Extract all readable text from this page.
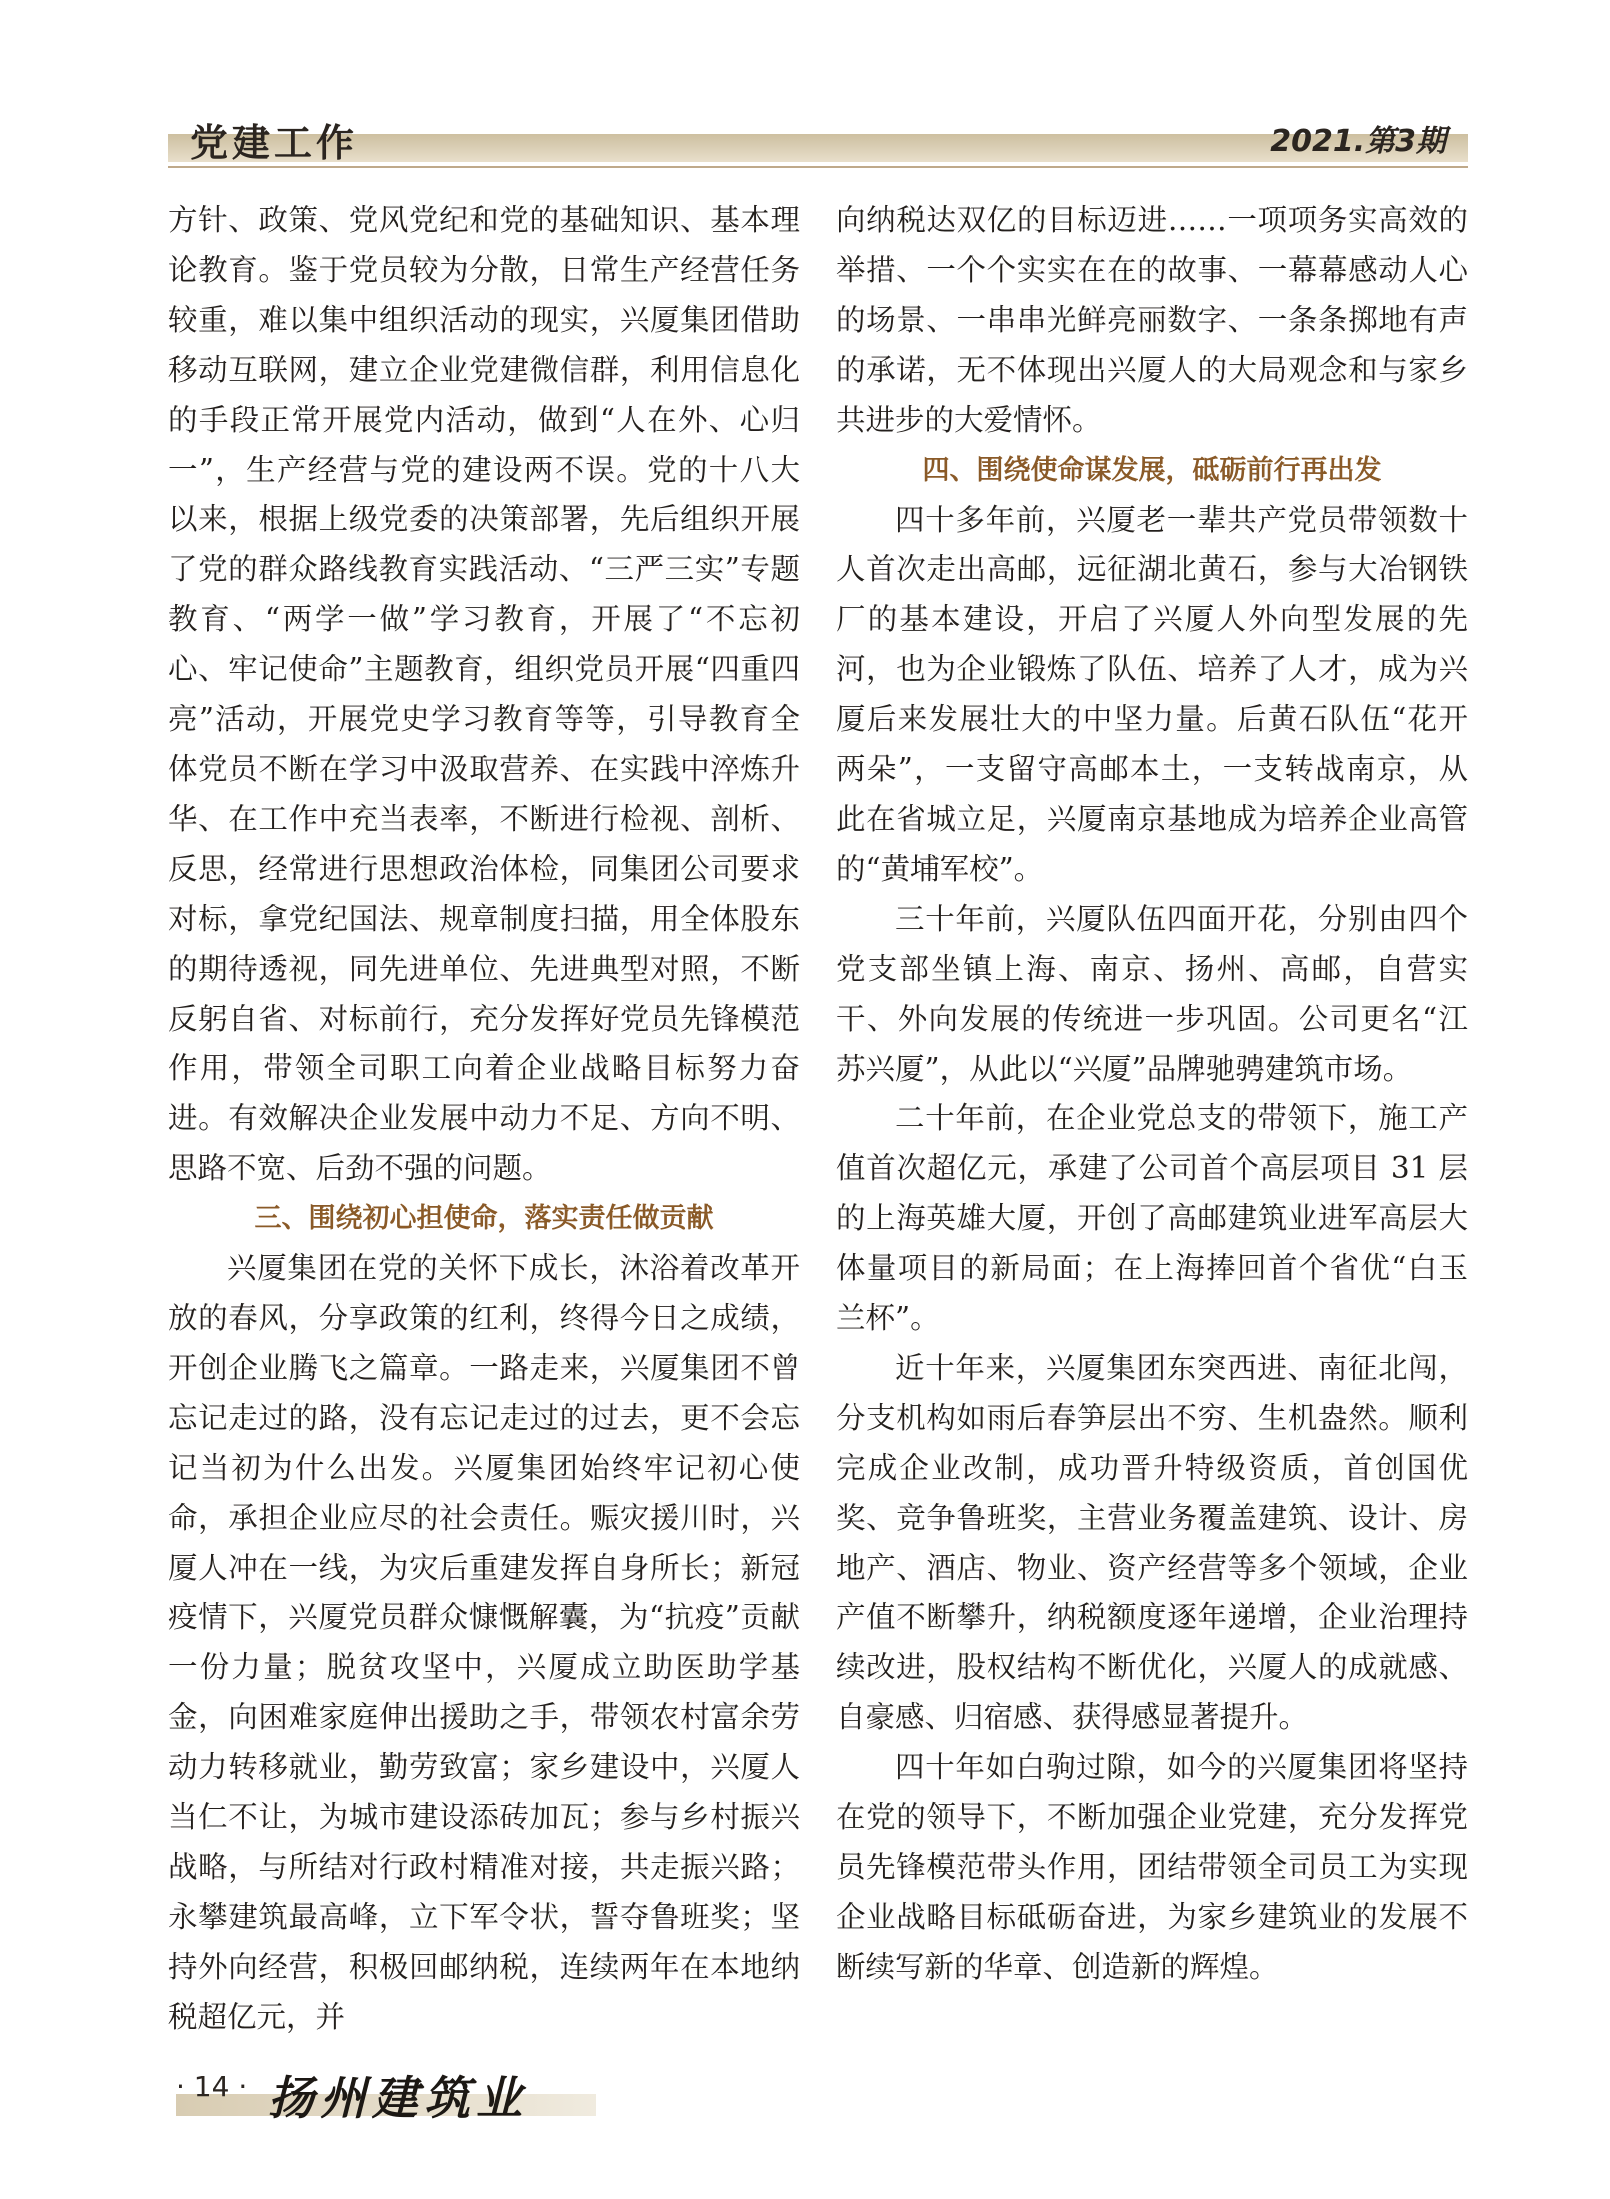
党建工作	2021.第3期

方针、政策、党风党纪和党的基础知识、基本理论教育。鉴于党员较为分散，日常生产经营任务较重，难以集中组织活动的现实，兴厦集团借助移动互联网，建立企业党建微信群，利用信息化的手段正常开展党内活动，做到“人在外、心归一”，生产经营与党的建设两不误。党的十八大以来，根据上级党委的决策部署，先后组织开展了党的群众路线教育实践活动、“三严三实”专题教育、“两学一做”学习教育，开展了“不忘初心、牢记使命”主题教育，组织党员开展“四重四亮”活动，开展党史学习教育等等，引导教育全体党员不断在学习中汲取营养、在实践中淬炼升华、在工作中充当表率，不断进行检视、剖析、反思，经常进行思想政治体检，同集团公司要求对标，拿党纪国法、规章制度扫描，用全体股东的期待透视，同先进单位、先进典型对照，不断反躬自省、对标前行，充分发挥好党员先锋模范作用，带领全司职工向着企业战略目标努力奋进。有效解决企业发展中动力不足、方向不明、思路不宽、后劲不强的问题。

三、围绕初心担使命，落实责任做贡献

兴厦集团在党的关怀下成长，沐浴着改革开放的春风，分享政策的红利，终得今日之成绩，开创企业腾飞之篇章。一路走来，兴厦集团不曾忘记走过的路，没有忘记走过的过去，更不会忘记当初为什么出发。兴厦集团始终牢记初心使命，承担企业应尽的社会责任。赈灾援川时，兴厦人冲在一线，为灾后重建发挥自身所长；新冠疫情下，兴厦党员群众慷慨解囊，为“抗疫”贡献一份力量；脱贫攻坚中，兴厦成立助医助学基金，向困难家庭伸出援助之手，带领农村富余劳动力转移就业，勤劳致富；家乡建设中，兴厦人当仁不让，为城市建设添砖加瓦；参与乡村振兴战略，与所结对行政村精准对接，共走振兴路；永攀建筑最高峰，立下军令状，誓夺鲁班奖；坚持外向经营，积极回邮纳税，连续两年在本地纳税超亿元，并

向纳税达双亿的目标迈进……一项项务实高效的举措、一个个实实在在的故事、一幕幕感动人心的场景、一串串光鲜亮丽数字、一条条掷地有声的承诺，无不体现出兴厦人的大局观念和与家乡共进步的大爱情怀。

四、围绕使命谋发展，砥砺前行再出发

四十多年前，兴厦老一辈共产党员带领数十人首次走出高邮，远征湖北黄石，参与大冶钢铁厂的基本建设，开启了兴厦人外向型发展的先河，也为企业锻炼了队伍、培养了人才，成为兴厦后来发展壮大的中坚力量。后黄石队伍“花开两朵”，一支留守高邮本土，一支转战南京，从此在省城立足，兴厦南京基地成为培养企业高管的“黄埔军校”。

三十年前，兴厦队伍四面开花，分别由四个党支部坐镇上海、南京、扬州、高邮，自营实干、外向发展的传统进一步巩固。公司更名“江苏兴厦”，从此以“兴厦”品牌驰骋建筑市场。

二十年前，在企业党总支的带领下，施工产值首次超亿元，承建了公司首个高层项目 31 层的上海英雄大厦，开创了高邮建筑业进军高层大体量项目的新局面；在上海捧回首个省优“白玉兰杯”。

近十年来，兴厦集团东突西进、南征北闯，分支机构如雨后春笋层出不穷、生机盎然。顺利完成企业改制，成功晋升特级资质，首创国优奖、竞争鲁班奖，主营业务覆盖建筑、设计、房地产、酒店、物业、资产经营等多个领域，企业产值不断攀升，纳税额度逐年递增，企业治理持续改进，股权结构不断优化，兴厦人的成就感、自豪感、归宿感、获得感显著提升。

四十年如白驹过隙，如今的兴厦集团将坚持在党的领导下，不断加强企业党建，充分发挥党员先锋模范带头作用，团结带领全司员工为实现企业战略目标砥砺奋进，为家乡建筑业的发展不断续写新的华章、创造新的辉煌。

· 14 · 扬州建筑业
